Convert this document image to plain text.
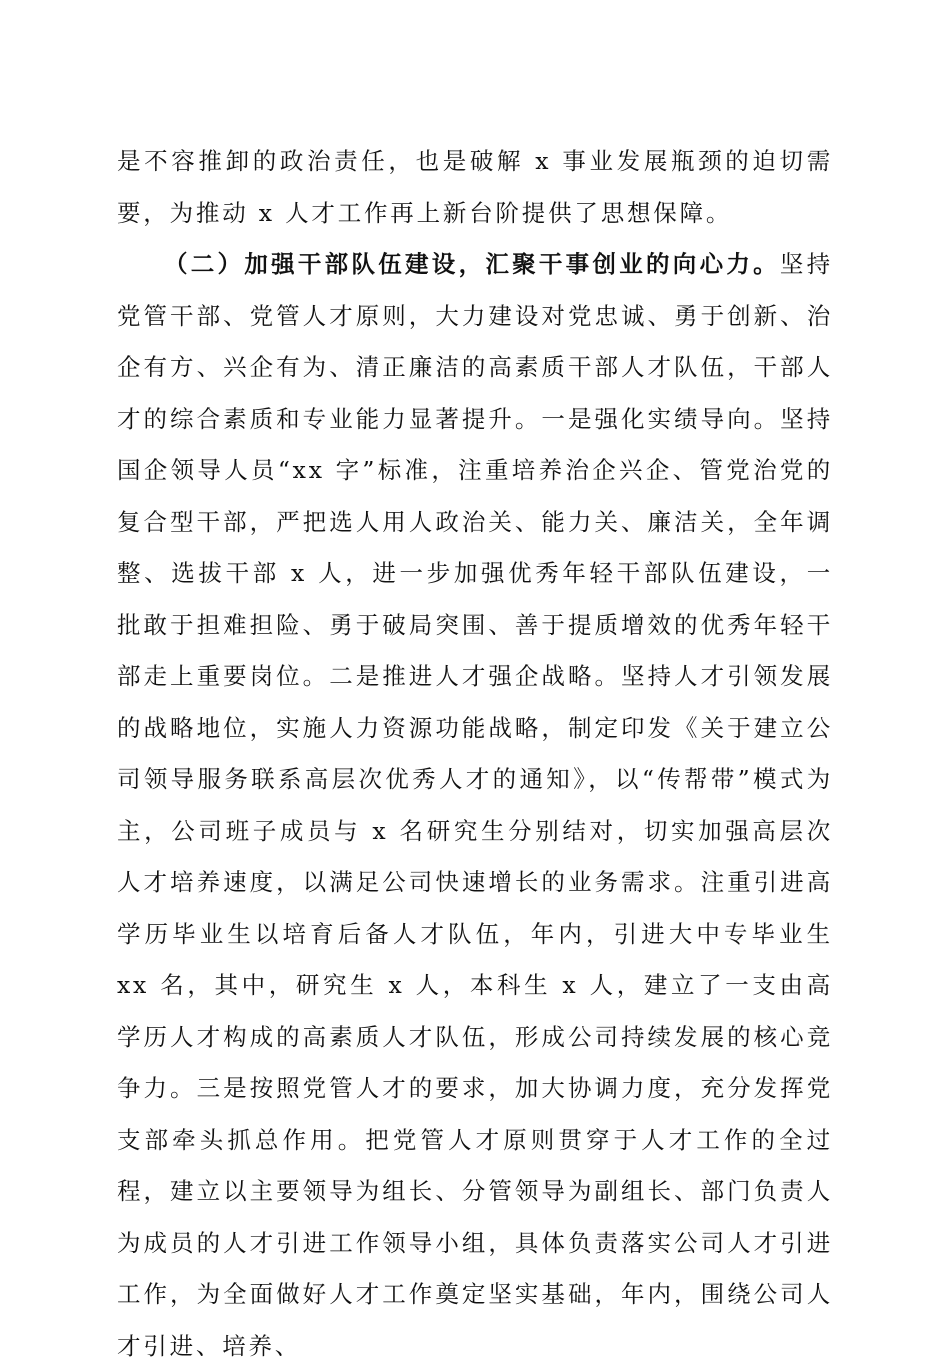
是不容推卸的政治责任，也是破解 x 事业发展瓶颈的迫切需要，为推动 x 人才工作再上新台阶提供了思想保障。

（二）加强干部队伍建设，汇聚干事创业的向心力。坚持党管干部、党管人才原则，大力建设对党忠诚、勇于创新、治企有方、兴企有为、清正廉洁的高素质干部人才队伍，干部人才的综合素质和专业能力显著提升。一是强化实绩导向。坚持国企领导人员“xx 字”标准，注重培养治企兴企、管党治党的复合型干部，严把选人用人政治关、能力关、廉洁关，全年调整、选拔干部 x 人，进一步加强优秀年轻干部队伍建设，一批敢于担难担险、勇于破局突围、善于提质增效的优秀年轻干部走上重要岗位。二是推进人才强企战略。坚持人才引领发展的战略地位，实施人力资源功能战略，制定印发《关于建立公司领导服务联系高层次优秀人才的通知》，以“传帮带”模式为主，公司班子成员与 x 名研究生分别结对，切实加强高层次人才培养速度，以满足公司快速增长的业务需求。注重引进高学历毕业生以培育后备人才队伍，年内，引进大中专毕业生 xx 名，其中，研究生 x 人，本科生 x 人，建立了一支由高学历人才构成的高素质人才队伍，形成公司持续发展的核心竞争力。三是按照党管人才的要求，加大协调力度，充分发挥党支部牵头抓总作用。把党管人才原则贯穿于人才工作的全过程，建立以主要领导为组长、分管领导为副组长、部门负责人为成员的人才引进工作领导小组，具体负责落实公司人才引进工作，为全面做好人才工作奠定坚实基础，年内，围绕公司人才引进、培养、
